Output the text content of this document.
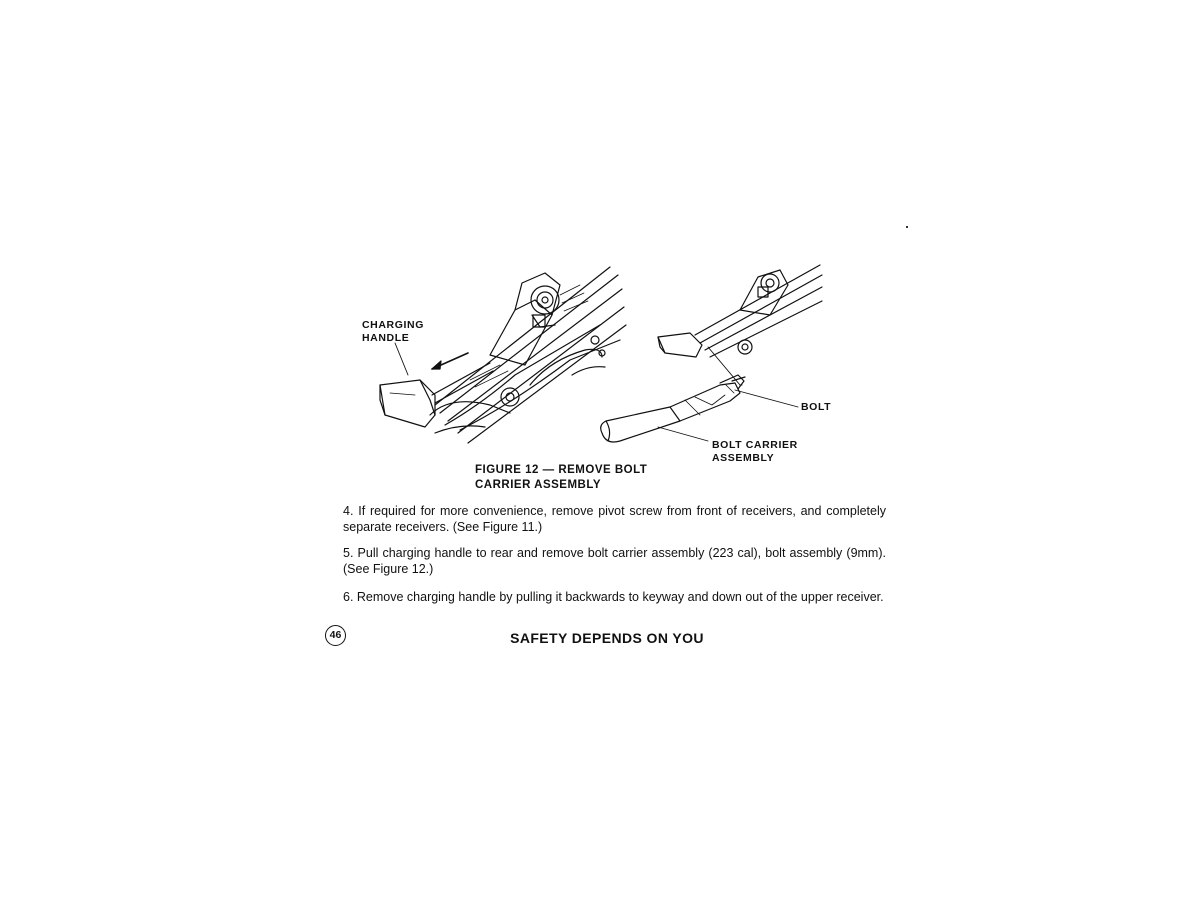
CHARGING
HANDLE
BOLT
BOLT CARRIER
ASSEMBLY
FIGURE 12 — REMOVE BOLT
CARRIER ASSEMBLY

4. If required for more convenience, remove pivot screw from front of receivers, and completely separate receivers. (See Figure 11.)

5. Pull charging handle to rear and remove bolt carrier assembly (223 cal), bolt assembly (9mm). (See Figure 12.)

6. Remove charging handle by pulling it backwards to keyway and down out of the upper receiver.

46	SAFETY DEPENDS ON YOU
